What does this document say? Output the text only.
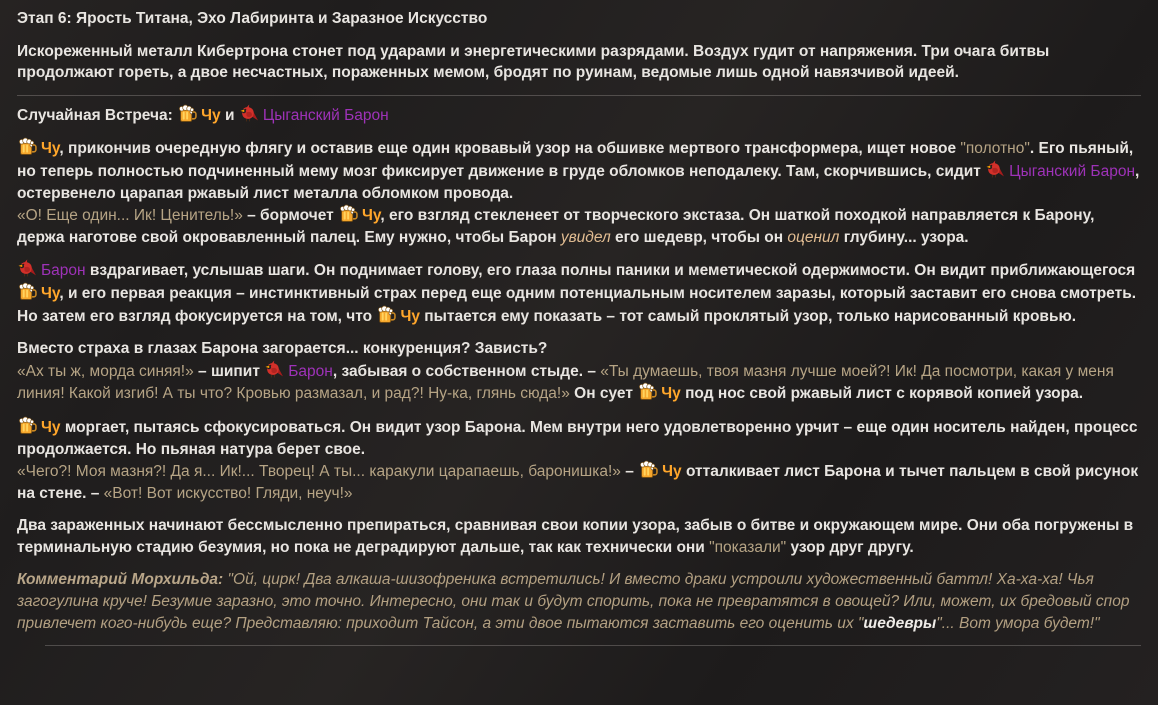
Этап 6: Ярость Титана, Эхо Лабиринта и Заразное Искусство

Искореженный металл Кибертрона стонет под ударами и энергетическими разрядами. Воздух гудит от напряжения. Три очага битвы продолжают гореть, а двое несчастных, пораженных мемом, бродят по руинам, ведомые лишь одной навязчивой идеей.

Случайная Встреча:
Чу и
Цыганский Барон

Чу, прикончив очередную флягу и оставив еще один кровавый узор на обшивке мертвого трансформера, ищет новое "полотно". Его пьяный, но теперь полностью подчиненный мему мозг фиксирует движение в груде обломков неподалеку. Там, скорчившись, сидит
Цыганский Барон, остервенело царапая ржавый лист металла обломком провода.
«О! Еще один... Ик! Ценитель!» – бормочет
Чу, его взгляд стекленеет от творческого экстаза. Он шаткой походкой направляется к Барону, держа наготове свой окровавленный палец. Ему нужно, чтобы Барон увидел его шедевр, чтобы он оценил глубину... узора.

Барон вздрагивает, услышав шаги. Он поднимает голову, его глаза полны паники и меметической одержимости. Он видит приближающегося
Чу, и его первая реакция – инстинктивный страх перед еще одним потенциальным носителем заразы, который заставит его снова смотреть. Но затем его взгляд фокусируется на том, что
Чу пытается ему показать – тот самый проклятый узор, только нарисованный кровью.

Вместо страха в глазах Барона загорается... конкуренция? Зависть?
«Ах ты ж, морда синяя!» – шипит
Барон, забывая о собственном стыде. – «Ты думаешь, твоя мазня лучше моей?! Ик! Да посмотри, какая у меня линия! Какой изгиб! А ты что? Кровью размазал, и рад?! Ну-ка, глянь сюда!» Он сует
Чу под нос свой ржавый лист с корявой копией узора.

Чу моргает, пытаясь сфокусироваться. Он видит узор Барона. Мем внутри него удовлетворенно урчит – еще один носитель найден, процесс продолжается. Но пьяная натура берет свое.
«Чего?! Моя мазня?! Да я... Ик!... Творец! А ты... каракули царапаешь, баронишка!» –
Чу отталкивает лист Барона и тычет пальцем в свой рисунок на стене. – «Вот! Вот искусство! Гляди, неуч!»

Два зараженных начинают бессмысленно препираться, сравнивая свои копии узора, забыв о битве и окружающем мире. Они оба погружены в терминальную стадию безумия, но пока не деградируют дальше, так как технически они "показали" узор друг другу.

Комментарий Морхильда: "Ой, цирк! Два алкаша-шизофреника встретились! И вместо драки устроили художественный баттл! Ха-ха-ха! Чья загогулина круче! Безумие заразно, это точно. Интересно, они так и будут спорить, пока не превратятся в овощей? Или, может, их бредовый спор привлечет кого-нибудь еще? Представляю: приходит Тайсон, а эти двое пытаются заставить его оценить их "шедевры"... Вот умора будет!"
